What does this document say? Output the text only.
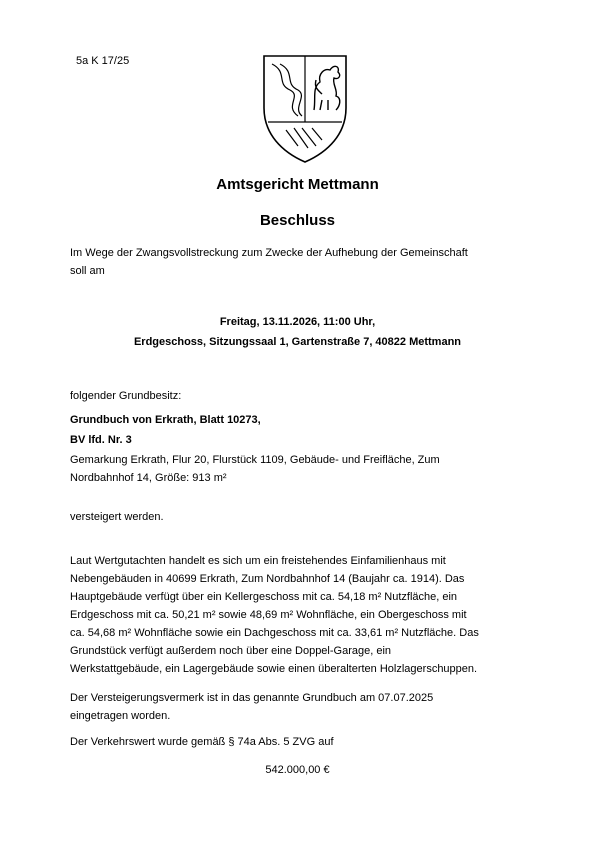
5a K 17/25
Amtsgericht Mettmann
Beschluss

Im Wege der Zwangsvollstreckung zum Zwecke der Aufhebung der Gemeinschaft

soll am

Freitag, 13.11.2026, 11:00 Uhr,
Erdgeschoss, Sitzungssaal 1, Gartenstraße 7, 40822 Mettmann
folgender Grundbesitz:
Grundbuch von Erkrath, Blatt 10273,
BV lfd. Nr. 3

Gemarkung Erkrath, Flur 20, Flurstück 1109, Gebäude- und Freifläche, Zum

Nordbahnhof 14, Größe: 913 m²

versteigert werden.

Laut Wertgutachten handelt es sich um ein freistehendes Einfamilienhaus mit

Nebengebäuden in 40699 Erkrath, Zum Nordbahnhof 14 (Baujahr ca. 1914). Das

Hauptgebäude verfügt über ein Kellergeschoss mit ca. 54,18 m² Nutzfläche, ein

Erdgeschoss mit ca. 50,21 m² sowie 48,69 m² Wohnfläche, ein Obergeschoss mit

ca. 54,68 m² Wohnfläche sowie ein Dachgeschoss mit ca. 33,61 m² Nutzfläche. Das

Grundstück verfügt außerdem noch über eine Doppel-Garage, ein

Werkstattgebäude, ein Lagergebäude sowie einen überalterten Holzlagerschuppen.

Der Versteigerungsvermerk ist in das genannte Grundbuch am 07.07.2025

eingetragen worden.

Der Verkehrswert wurde gemäß § 74a Abs. 5 ZVG auf
542.000,00 €
